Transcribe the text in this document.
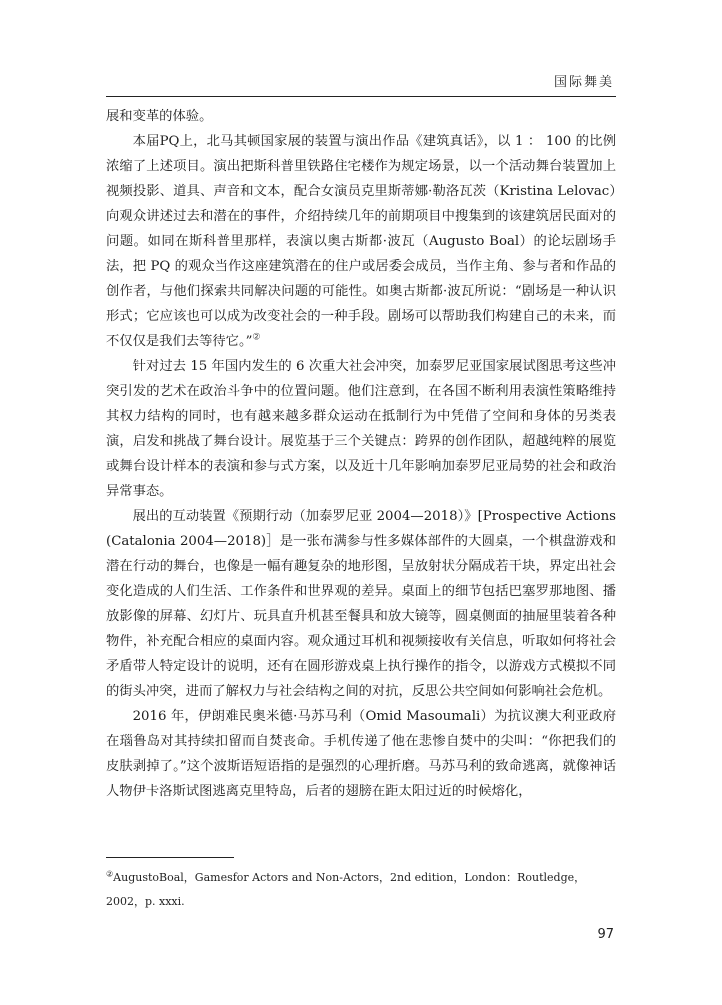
国际舞美

展和变革的体验。

本届PQ上，北马其顿国家展的装置与演出作品《建筑真话》，以 1 ： 100 的比例浓缩了上述项目。演出把斯科普里铁路住宅楼作为规定场景，以一个活动舞台装置加上视频投影、道具、声音和文本，配合女演员克里斯蒂娜·勒洛瓦茨（Kristina Lelovac）向观众讲述过去和潜在的事件，介绍持续几年的前期项目中搜集到的该建筑居民面对的问题。如同在斯科普里那样，表演以奥古斯都·波瓦（Augusto Boal）的论坛剧场手法，把 PQ 的观众当作这座建筑潜在的住户或居委会成员，当作主角、参与者和作品的创作者，与他们探索共同解决问题的可能性。如奥古斯都·波瓦所说：“剧场是一种认识形式；它应该也可以成为改变社会的一种手段。剧场可以帮助我们构建自己的未来，而不仅仅是我们去等待它。”②

针对过去 15 年国内发生的 6 次重大社会冲突，加泰罗尼亚国家展试图思考这些冲突引发的艺术在政治斗争中的位置问题。他们注意到，在各国不断利用表演性策略维持其权力结构的同时，也有越来越多群众运动在抵制行为中凭借了空间和身体的另类表演，启发和挑战了舞台设计。展览基于三个关键点：跨界的创作团队，超越纯粹的展览或舞台设计样本的表演和参与式方案，以及近十几年影响加泰罗尼亚局势的社会和政治异常事态。

展出的互动装置《预期行动（加泰罗尼亚 2004—2018）》[Prospective Actions (Catalonia 2004—2018)］是一张布满参与性多媒体部件的大圆桌，一个棋盘游戏和潜在行动的舞台，也像是一幅有趣复杂的地形图，呈放射状分隔成若干块，界定出社会变化造成的人们生活、工作条件和世界观的差异。桌面上的细节包括巴塞罗那地图、播放影像的屏幕、幻灯片、玩具直升机甚至餐具和放大镜等，圆桌侧面的抽屉里装着各种物件，补充配合相应的桌面内容。观众通过耳机和视频接收有关信息，听取如何将社会矛盾带人特定设计的说明，还有在圆形游戏桌上执行操作的指令，以游戏方式模拟不同的街头冲突，进而了解权力与社会结构之间的对抗，反思公共空间如何影响社会危机。

2016 年，伊朗难民奥米德·马苏马利（Omid Masoumali）为抗议澳大利亚政府在瑙鲁岛对其持续扣留而自焚丧命。手机传递了他在悲惨自焚中的尖叫：“你把我们的皮肤剥掉了。”这个波斯语短语指的是强烈的心理折磨。马苏马利的致命逃离，就像神话人物伊卡洛斯试图逃离克里特岛，后者的翅膀在距太阳过近的时候熔化，

②AugustoBoal，Gamesfor Actors and Non-Actors，2nd edition，London：Routledge，2002，p. xxxi.
97
